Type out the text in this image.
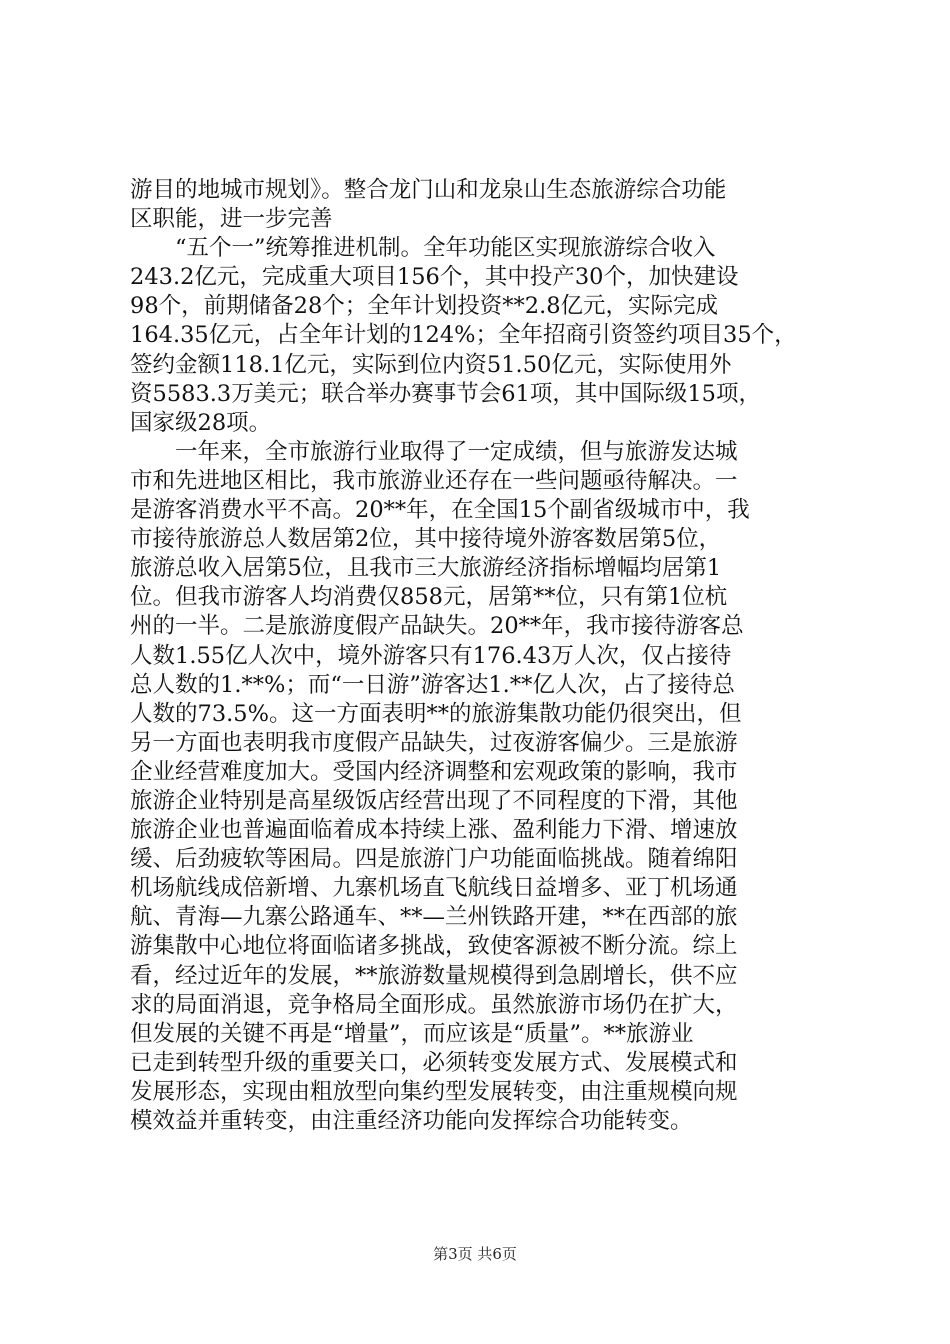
游目的地城市规划》。整合龙门山和龙泉山生态旅游综合功能
区职能，进一步完善
“五个一”统筹推进机制。全年功能区实现旅游综合收入
243.2亿元，完成重大项目156个，其中投产30个，加快建设
98个，前期储备28个；全年计划投资**2.8亿元，实际完成
164.35亿元，占全年计划的124%；全年招商引资签约项目35个，
签约金额118.1亿元，实际到位内资51.50亿元，实际使用外
资5583.3万美元；联合举办赛事节会61项，其中国际级15项，
国家级28项。
一年来，全市旅游行业取得了一定成绩，但与旅游发达城
市和先进地区相比，我市旅游业还存在一些问题亟待解决。一
是游客消费水平不高。20**年，在全国15个副省级城市中，我
市接待旅游总人数居第2位，其中接待境外游客数居第5位，
旅游总收入居第5位，且我市三大旅游经济指标增幅均居第1
位。但我市游客人均消费仅858元，居第**位，只有第1位杭
州的一半。二是旅游度假产品缺失。20**年，我市接待游客总
人数1.55亿人次中，境外游客只有176.43万人次，仅占接待
总人数的1.**%；而“一日游”游客达1.**亿人次，占了接待总
人数的73.5%。这一方面表明**的旅游集散功能仍很突出，但
另一方面也表明我市度假产品缺失，过夜游客偏少。三是旅游
企业经营难度加大。受国内经济调整和宏观政策的影响，我市
旅游企业特别是高星级饭店经营出现了不同程度的下滑，其他
旅游企业也普遍面临着成本持续上涨、盈利能力下滑、增速放
缓、后劲疲软等困局。四是旅游门户功能面临挑战。随着绵阳
机场航线成倍新增、九寨机场直飞航线日益增多、亚丁机场通
航、青海—九寨公路通车、**—兰州铁路开建，**在西部的旅
游集散中心地位将面临诸多挑战，致使客源被不断分流。综上
看，经过近年的发展，**旅游数量规模得到急剧增长，供不应
求的局面消退，竞争格局全面形成。虽然旅游市场仍在扩大，
但发展的关键不再是“增量”，而应该是“质量”。**旅游业
已走到转型升级的重要关口，必须转变发展方式、发展模式和
发展形态，实现由粗放型向集约型发展转变，由注重规模向规
模效益并重转变，由注重经济功能向发挥综合功能转变。
第3页 共6页
